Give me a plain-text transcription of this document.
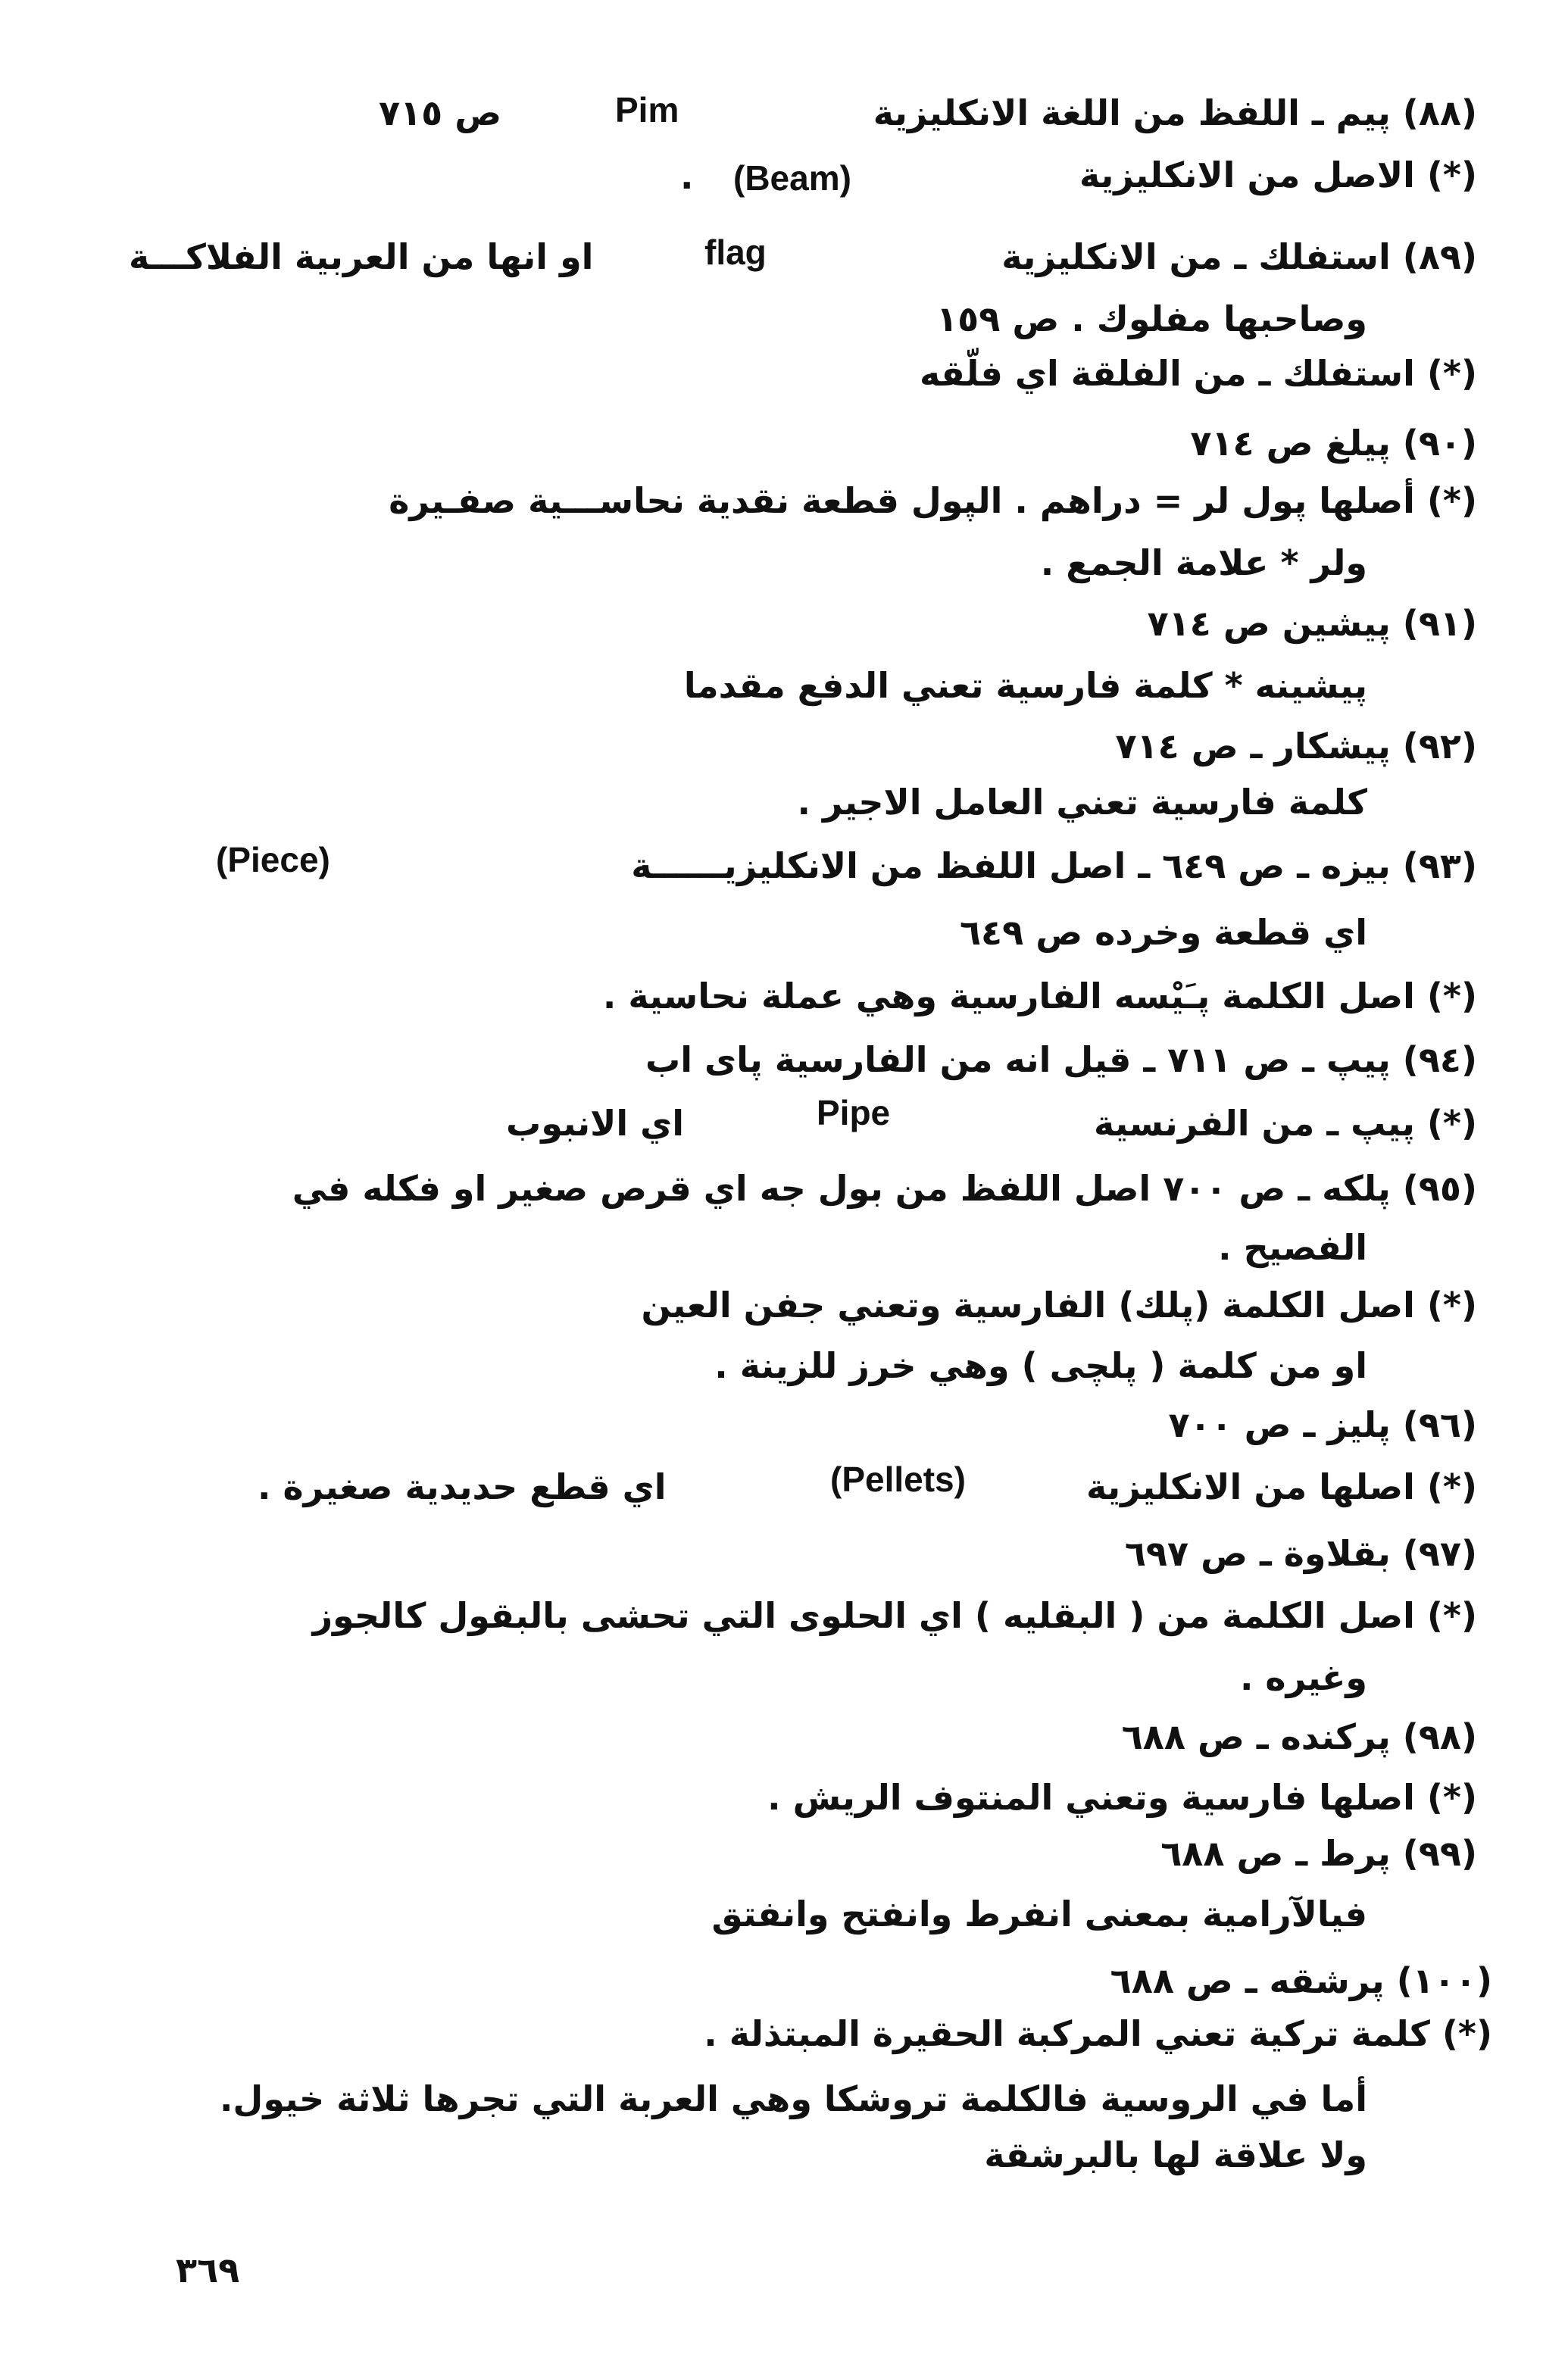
(٨٨) پيم ـ اللفظ من اللغة الانكليزية
Pim
ص ٧١٥
(*) الاصل من الانكليزية
(Beam)
.
(٨٩) استفلك ـ من الانكليزية
flag
او انها من العربية الفلاكـــة
وصاحبها مفلوك . ص ١٥٩
(*) استفلك ـ من الفلقة اي فلّقه
(٩٠) پيلغ ص ٧١٤
(*) أصلها پول لر = دراهم . الپول قطعة نقدية نحاســـية صفـيرة
ولر * علامة الجمع .
(٩١) پيشين ص ٧١٤
پيشينه * كلمة فارسية تعني الدفع مقدما
(٩٢) پيشكار ـ ص ٧١٤
كلمة فارسية تعني العامل الاجير .
(٩٣) بيزه ـ ص ٦٤٩ ـ اصل اللفظ من الانكليزيــــــة
(Piece)
اي قطعة وخرده ص ٦٤٩
(*) اصل الكلمة پـَيْسه الفارسية وهي عملة نحاسية .
(٩٤) پيپ ـ ص ٧١١ ـ قيل انه من الفارسية پاى اب
(*) پيپ ـ من الفرنسية
Pipe
اي الانبوب
(٩٥) پلكه ـ ص ٧٠٠ اصل اللفظ من بول جه اي قرص صغير او فكله في
الفصيح .
(*) اصل الكلمة (پلك) الفارسية وتعني جفن العين
او من كلمة ( پلچى ) وهي خرز للزينة .
(٩٦) پليز ـ ص ٧٠٠
(*) اصلها من الانكليزية
(Pellets)
اي قطع حديدية صغيرة .
(٩٧) بقلاوة ـ ص ٦٩٧
(*) اصل الكلمة من ( البقليه ) اي الحلوى التي تحشى بالبقول كالجوز
وغيره .
(٩٨) پركنده ـ ص ٦٨٨
(*) اصلها فارسية وتعني المنتوف الريش .
(٩٩) پرط ـ ص ٦٨٨
فيالآرامية بمعنى انفرط وانفتح وانفتق
(١٠٠) پرشقه ـ ص ٦٨٨
(*) كلمة تركية تعني المركبة الحقيرة المبتذلة .
أما في الروسية فالكلمة تروشكا وهي العربة التي تجرها ثلاثة خيول.
ولا علاقة لها بالبرشقة
٣٦٩
